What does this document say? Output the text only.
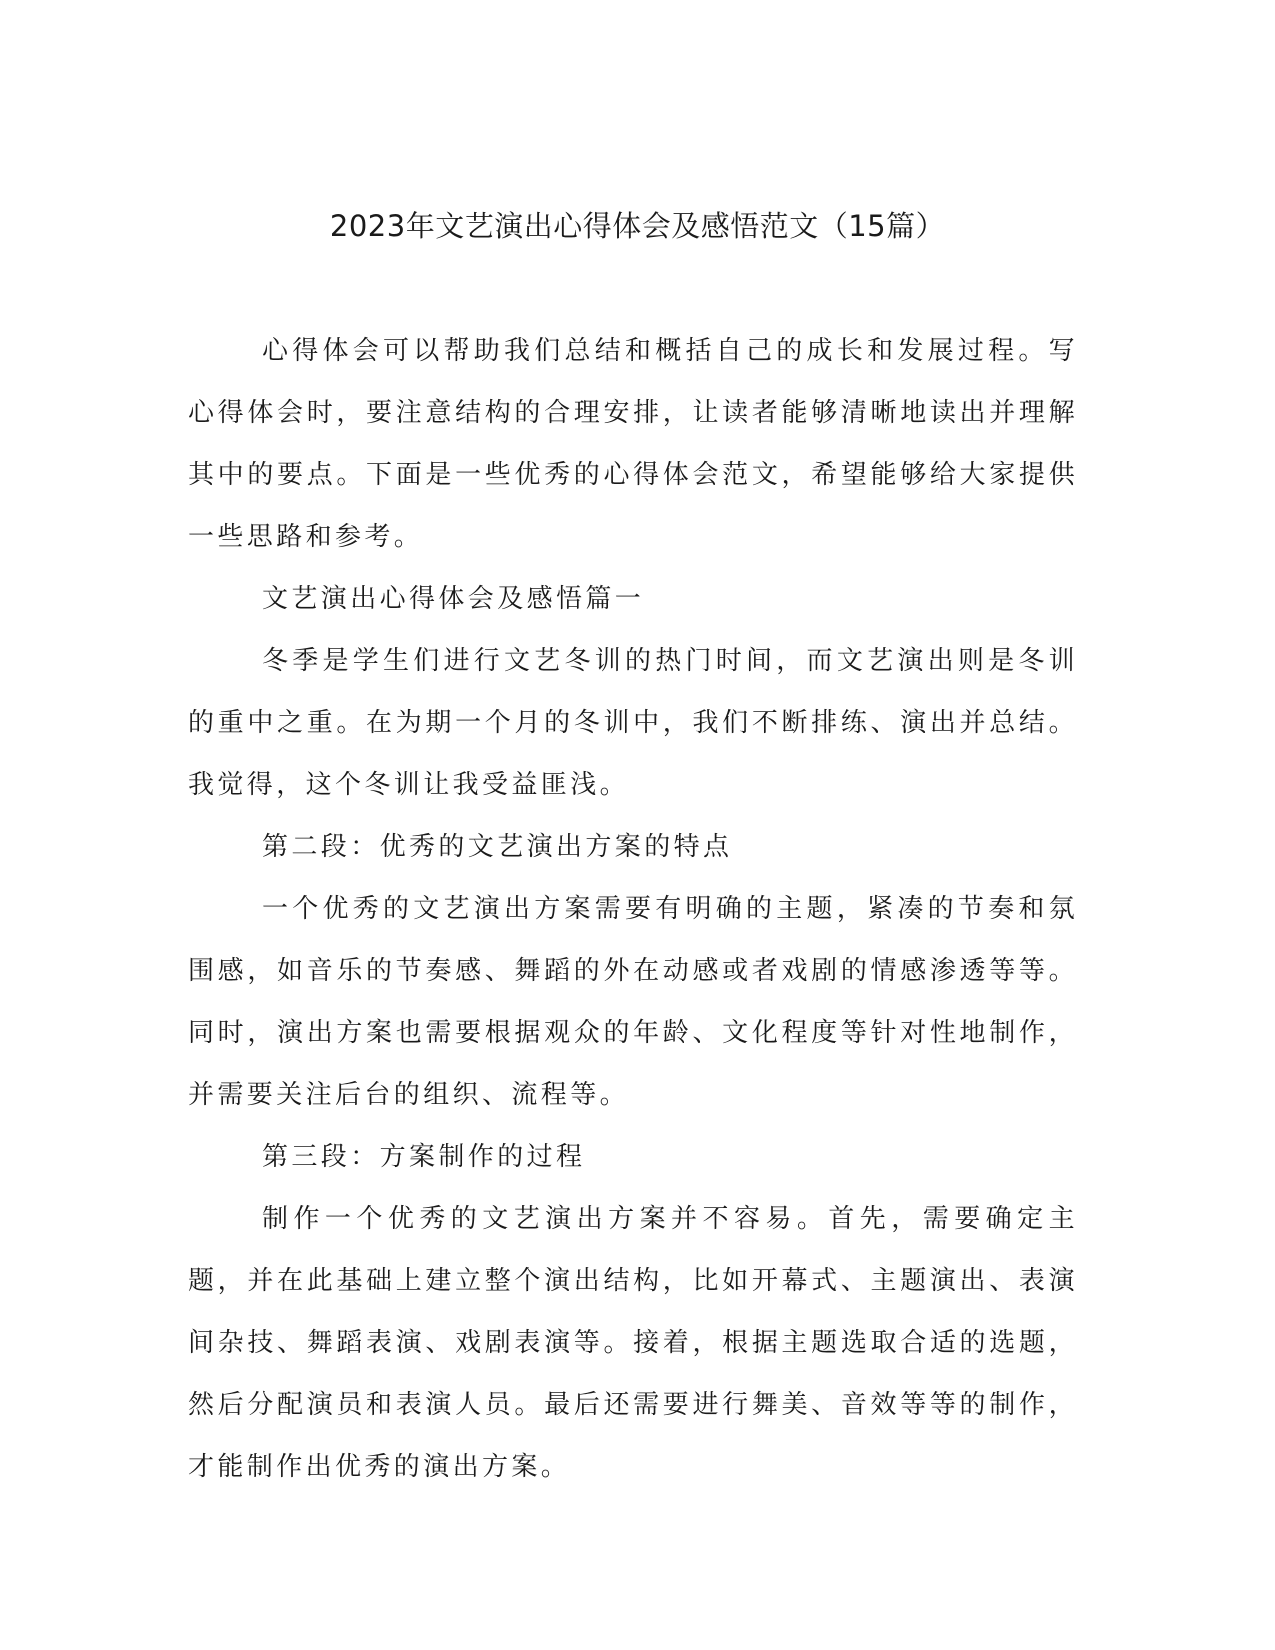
2023年文艺演出心得体会及感悟范文（15篇）

心得体会可以帮助我们总结和概括自己的成长和发展过程。写心得体会时，要注意结构的合理安排，让读者能够清晰地读出并理解其中的要点。下面是一些优秀的心得体会范文，希望能够给大家提供一些思路和参考。

文艺演出心得体会及感悟篇一

冬季是学生们进行文艺冬训的热门时间，而文艺演出则是冬训的重中之重。在为期一个月的冬训中，我们不断排练、演出并总结。我觉得，这个冬训让我受益匪浅。

第二段：优秀的文艺演出方案的特点

一个优秀的文艺演出方案需要有明确的主题，紧凑的节奏和氛围感，如音乐的节奏感、舞蹈的外在动感或者戏剧的情感渗透等等。同时，演出方案也需要根据观众的年龄、文化程度等针对性地制作，并需要关注后台的组织、流程等。

第三段：方案制作的过程

制作一个优秀的文艺演出方案并不容易。首先，需要确定主题，并在此基础上建立整个演出结构，比如开幕式、主题演出、表演间杂技、舞蹈表演、戏剧表演等。接着，根据主题选取合适的选题，然后分配演员和表演人员。最后还需要进行舞美、音效等等的制作，才能制作出优秀的演出方案。
